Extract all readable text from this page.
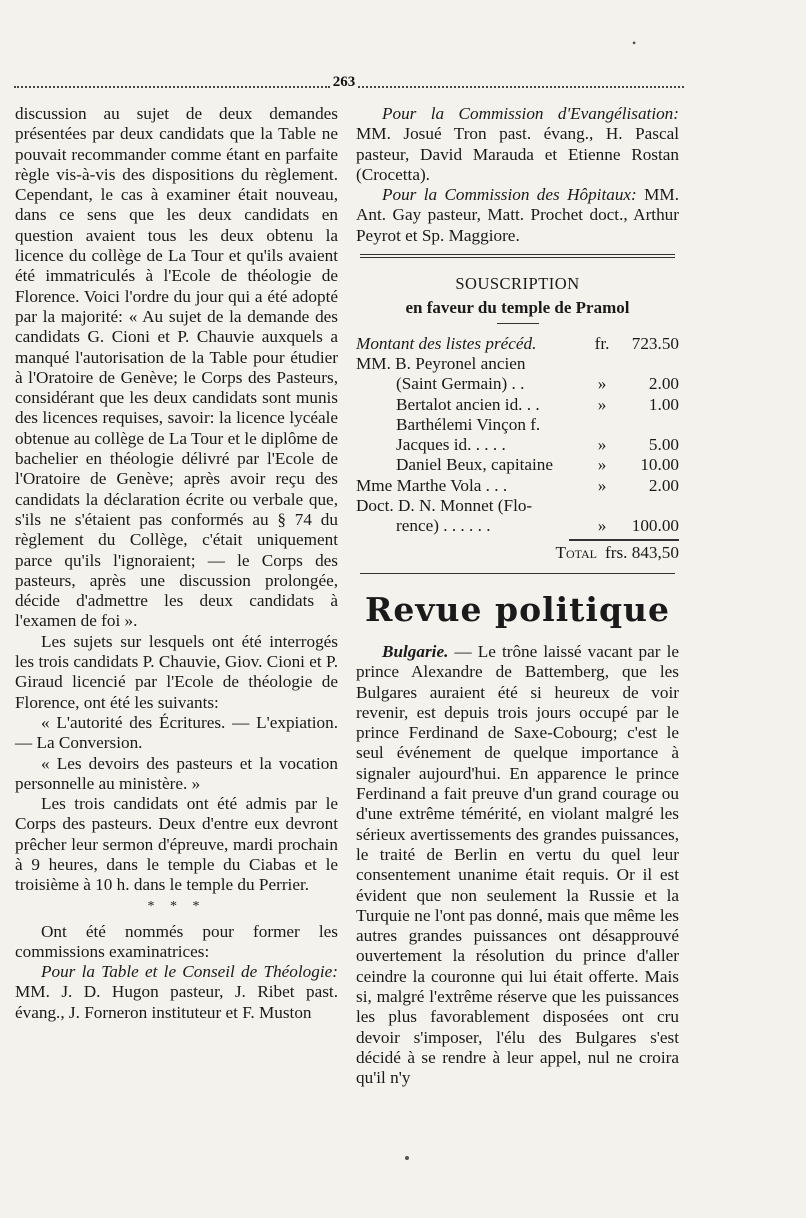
•
263

discussion au sujet de deux demandes présentées par deux candidats que la Table ne pouvait recommander comme étant en parfaite règle vis-à-vis des dispositions du règlement. Cependant, le cas à examiner était nouveau, dans ce sens que les deux candidats en question avaient tous les deux obtenu la licence du collège de La Tour et qu'ils avaient été immatriculés à l'Ecole de théologie de Florence. Voici l'ordre du jour qui a été adopté par la majorité: « Au sujet de la demande des candidats G. Cioni et P. Chauvie auxquels a manqué l'autorisation de la Table pour étudier à l'Oratoire de Genève; le Corps des Pasteurs, considérant que les deux candidats sont munis des licences requises, savoir: la licence lycéale obtenue au collège de La Tour et le diplôme de bachelier en théologie délivré par l'Ecole de l'Oratoire de Genève; après avoir reçu des candidats la déclaration écrite ou verbale que, s'ils ne s'étaient pas conformés au § 74 du règlement du Collège, c'était uniquement parce qu'ils l'ignoraient; — le Corps des pasteurs, après une discussion prolongée, décide d'admettre les deux candidats à l'examen de foi ».

Les sujets sur lesquels ont été interrogés les trois candidats P. Chauvie, Giov. Cioni et P. Giraud licencié par l'Ecole de théologie de Florence, ont été les suivants:

« L'autorité des Écritures. — L'expiation. — La Conversion.

« Les devoirs des pasteurs et la vocation personnelle au ministère. »

Les trois candidats ont été admis par le Corps des pasteurs. Deux d'entre eux devront prêcher leur sermon d'épreuve, mardi prochain à 9 heures, dans le temple du Ciabas et le troisième à 10 h. dans le temple du Perrier.

* * *

Ont été nommés pour former les commissions examinatrices:

Pour la Table et le Conseil de Théologie: MM. J. D. Hugon pasteur, J. Ribet past. évang., J. Forneron instituteur et F. Muston

Pour la Commission d'Evangélisation: MM. Josué Tron past. évang., H. Pascal pasteur, David Marauda et Etienne Rostan (Crocetta).

Pour la Commission des Hôpitaux: MM. Ant. Gay pasteur, Matt. Prochet doct., Arthur Peyrot et Sp. Maggiore.

SOUSCRIPTION

en faveur du temple de Pramol

Montant des listes précéd.	fr.	723.50
MM. B. Peyronel ancien
(Saint Germain) . .	»	2.00
Bertalot ancien id. . .	»	1.00
Barthélemi Vinçon f.
Jacques id. . . . .	»	5.00
Daniel Beux, capitaine	»	10.00
Mme Marthe Vola . . .	»	2.00
Doct. D. N. Monnet (Flo-
rence) . . . . . .	»	100.00
Total frs. 843,50

Revue politique

Bulgarie. — Le trône laissé vacant par le prince Alexandre de Battemberg, que les Bulgares auraient été si heureux de voir revenir, est depuis trois jours occupé par le prince Ferdinand de Saxe-Cobourg; c'est le seul événement de quelque importance à signaler aujourd'hui. En apparence le prince Ferdinand a fait preuve d'un grand courage ou d'une extrême témérité, en violant malgré les sérieux avertissements des grandes puissances, le traité de Berlin en vertu du quel leur consentement unanime était requis. Or il est évident que non seulement la Russie et la Turquie ne l'ont pas donné, mais que même les autres grandes puissances ont désapprouvé ouvertement la résolution du prince d'aller ceindre la couronne qui lui était offerte. Mais si, malgré l'extrême réserve que les puissances les plus favorablement disposées ont cru devoir s'imposer, l'élu des Bulgares s'est décidé à se rendre à leur appel, nul ne croira qu'il n'y
